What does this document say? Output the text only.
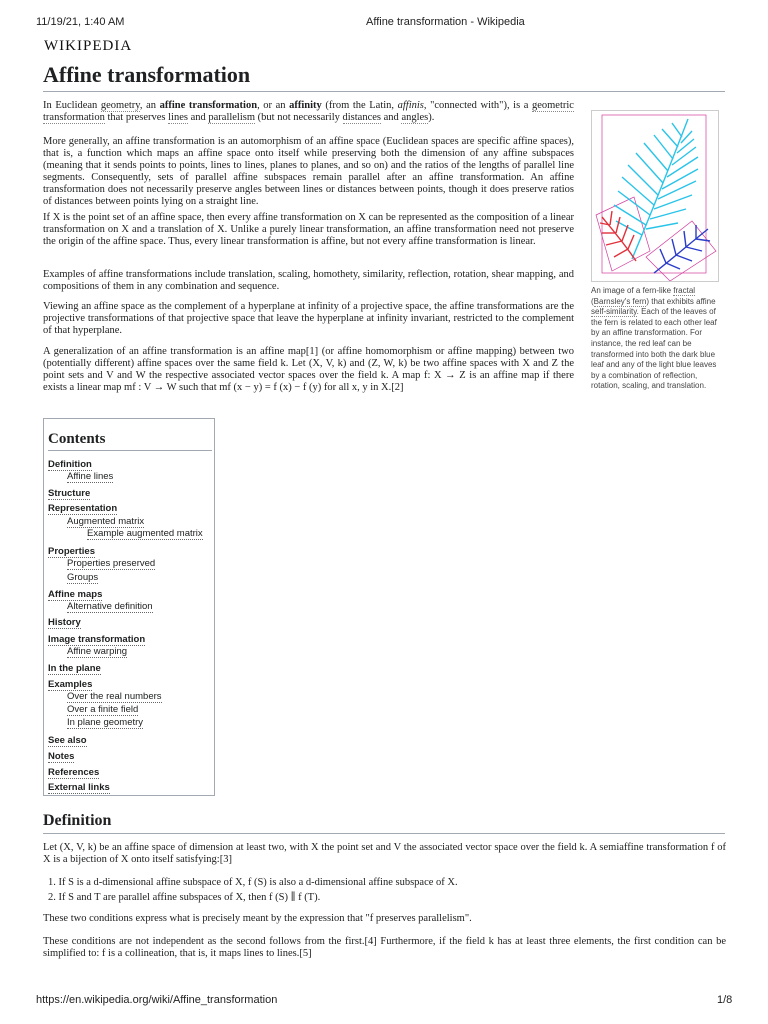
11/19/21, 1:40 AM	Affine transformation - Wikipedia
WIKIPEDIA
Affine transformation
In Euclidean geometry, an affine transformation, or an affinity (from the Latin, affinis, "connected with"), is a geometric transformation that preserves lines and parallelism (but not necessarily distances and angles).
More generally, an affine transformation is an automorphism of an affine space (Euclidean spaces are specific affine spaces), that is, a function which maps an affine space onto itself while preserving both the dimension of any affine subspaces (meaning that it sends points to points, lines to lines, planes to planes, and so on) and the ratios of the lengths of parallel line segments. Consequently, sets of parallel affine subspaces remain parallel after an affine transformation. An affine transformation does not necessarily preserve angles between lines or distances between points, though it does preserve ratios of distances between points lying on a straight line.
If X is the point set of an affine space, then every affine transformation on X can be represented as the composition of a linear transformation on X and a translation of X. Unlike a purely linear transformation, an affine transformation need not preserve the origin of the affine space. Thus, every linear transformation is affine, but not every affine transformation is linear.
Examples of affine transformations include translation, scaling, homothety, similarity, reflection, rotation, shear mapping, and compositions of them in any combination and sequence.
Viewing an affine space as the complement of a hyperplane at infinity of a projective space, the affine transformations are the projective transformations of that projective space that leave the hyperplane at infinity invariant, restricted to the complement of that hyperplane.
A generalization of an affine transformation is an affine map[1] (or affine homomorphism or affine mapping) between two (potentially different) affine spaces over the same field k. Let (X, V, k) and (Z, W, k) be two affine spaces with X and Z the point sets and V and W the respective associated vector spaces over the field k. A map f: X → Z is an affine map if there exists a linear map mf : V → W such that mf (x − y) = f (x) − f (y) for all x, y in X.[2]
An image of a fern-like fractal (Barnsley's fern) that exhibits affine self-similarity. Each of the leaves of the fern is related to each other leaf by an affine transformation. For instance, the red leaf can be transformed into both the dark blue leaf and any of the light blue leaves by a combination of reflection, rotation, scaling, and translation.
Contents
Definition
Affine lines
Structure
Representation
Augmented matrix
Example augmented matrix
Properties
Properties preserved
Groups
Affine maps
Alternative definition
History
Image transformation
Affine warping
In the plane
Examples
Over the real numbers
Over a finite field
In plane geometry
See also
Notes
References
External links
Definition
Let (X, V, k) be an affine space of dimension at least two, with X the point set and V the associated vector space over the field k. A semiaffine transformation f of X is a bijection of X onto itself satisfying:[3]
1. If S is a d-dimensional affine subspace of X, f (S) is also a d-dimensional affine subspace of X.
2. If S and T are parallel affine subspaces of X, then f (S) ∥ f (T).
These two conditions express what is precisely meant by the expression that "f preserves parallelism".
These conditions are not independent as the second follows from the first.[4] Furthermore, if the field k has at least three elements, the first condition can be simplified to: f is a collineation, that is, it maps lines to lines.[5]
https://en.wikipedia.org/wiki/Affine_transformation	1/8
